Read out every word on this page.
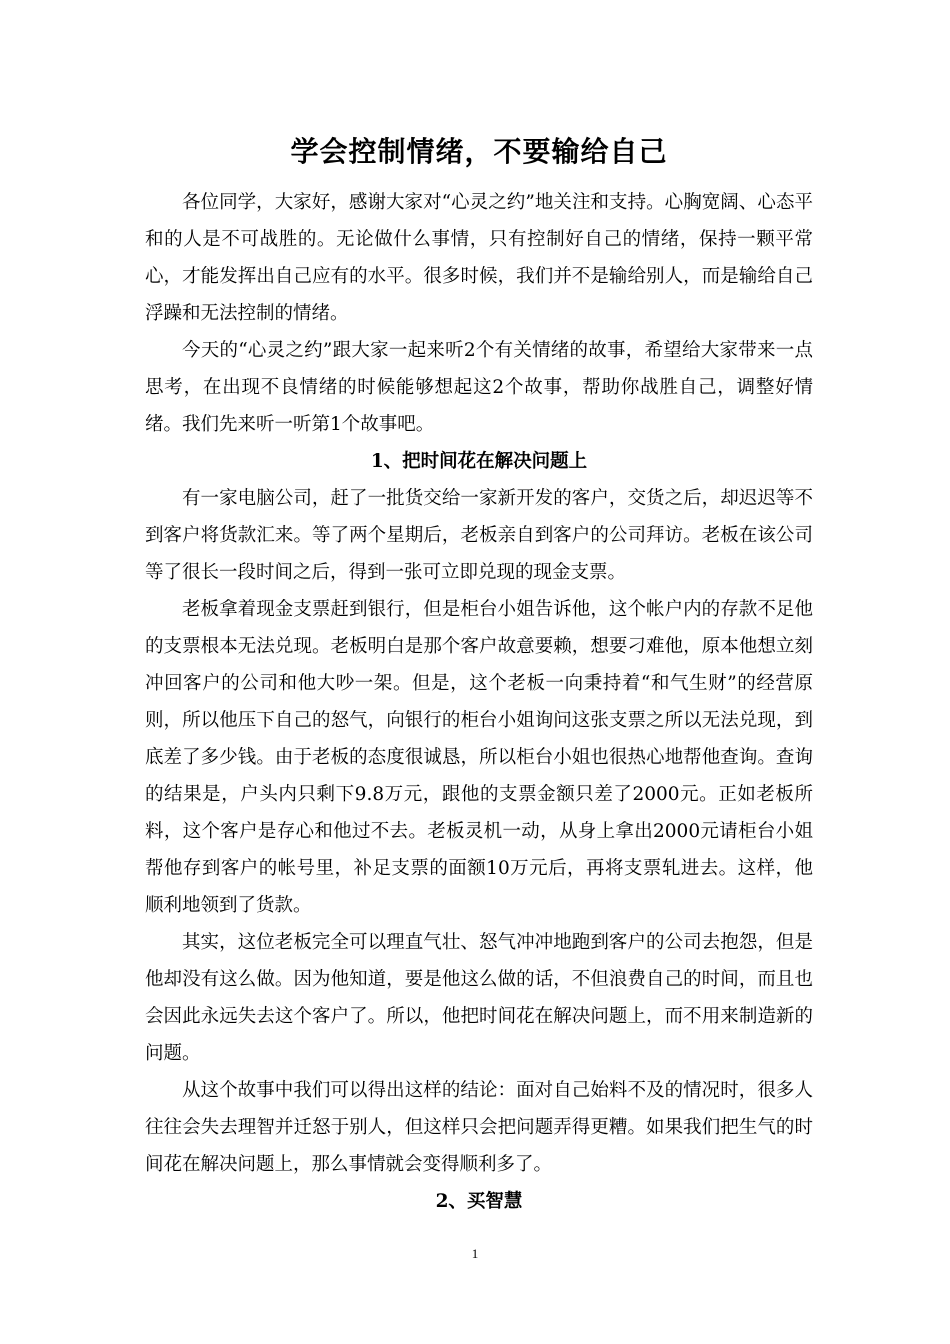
学会控制情绪，不要输给自己

各位同学，大家好，感谢大家对“心灵之约”地关注和支持。心胸宽阔、心态平和的人是不可战胜的。无论做什么事情，只有控制好自己的情绪，保持一颗平常心，才能发挥出自己应有的水平。很多时候，我们并不是输给别人，而是输给自己浮躁和无法控制的情绪。

今天的“心灵之约”跟大家一起来听2个有关情绪的故事，希望给大家带来一点思考，在出现不良情绪的时候能够想起这2个故事，帮助你战胜自己，调整好情绪。我们先来听一听第1个故事吧。

1、把时间花在解决问题上

有一家电脑公司，赶了一批货交给一家新开发的客户，交货之后，却迟迟等不到客户将货款汇来。等了两个星期后，老板亲自到客户的公司拜访。老板在该公司等了很长一段时间之后，得到一张可立即兑现的现金支票。

老板拿着现金支票赶到银行，但是柜台小姐告诉他，这个帐户内的存款不足他的支票根本无法兑现。老板明白是那个客户故意要赖，想要刁难他，原本他想立刻冲回客户的公司和他大吵一架。但是，这个老板一向秉持着“和气生财”的经营原则，所以他压下自己的怒气，向银行的柜台小姐询问这张支票之所以无法兑现，到底差了多少钱。由于老板的态度很诚恳，所以柜台小姐也很热心地帮他查询。查询的结果是，户头内只剩下9.8万元，跟他的支票金额只差了2000元。正如老板所料，这个客户是存心和他过不去。老板灵机一动，从身上拿出2000元请柜台小姐帮他存到客户的帐号里，补足支票的面额10万元后，再将支票轧进去。这样，他顺利地领到了货款。

其实，这位老板完全可以理直气壮、怒气冲冲地跑到客户的公司去抱怨，但是他却没有这么做。因为他知道，要是他这么做的话，不但浪费自己的时间，而且也会因此永远失去这个客户了。所以，他把时间花在解决问题上，而不用来制造新的问题。

从这个故事中我们可以得出这样的结论：面对自己始料不及的情况时，很多人往往会失去理智并迁怒于别人，但这样只会把问题弄得更糟。如果我们把生气的时间花在解决问题上，那么事情就会变得顺利多了。

2、买智慧
1
